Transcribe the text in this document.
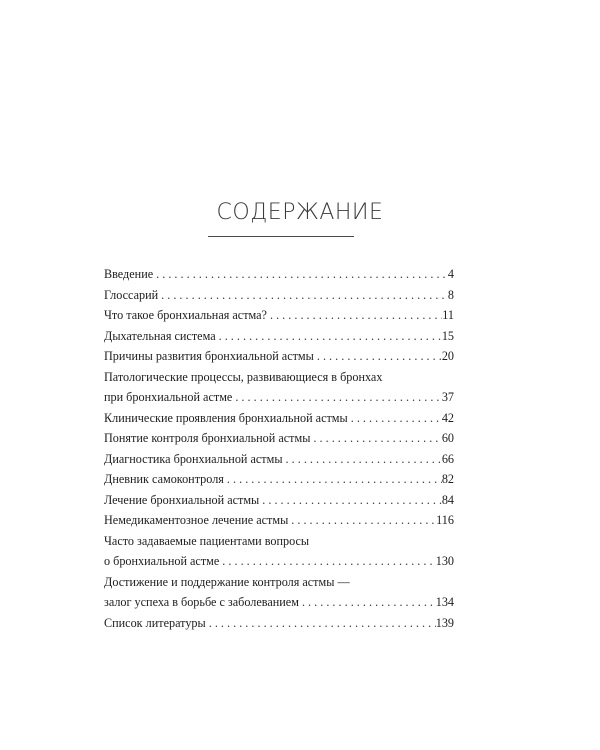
СОДЕРЖАНИЕ
Введение . . .	4
Глоссарий . . .	8
Что такое бронхиальная астма? . . .	11
Дыхательная система . . .	15
Причины развития бронхиальной астмы . . .	20
Патологические процессы, развивающиеся в бронхах
при бронхиальной астме . . .	37
Клинические проявления бронхиальной астмы . . .	42
Понятие контроля бронхиальной астмы . . .	60
Диагностика бронхиальной астмы . . .	66
Дневник самоконтроля . . .	82
Лечение бронхиальной астмы . . .	84
Немедикаментозное лечение астмы . . .	116
Часто задаваемые пациентами вопросы
о бронхиальной астме . . .	130
Достижение и поддержание контроля астмы —
залог успеха в борьбе с заболеванием . . .	134
Список литературы . . .	139
